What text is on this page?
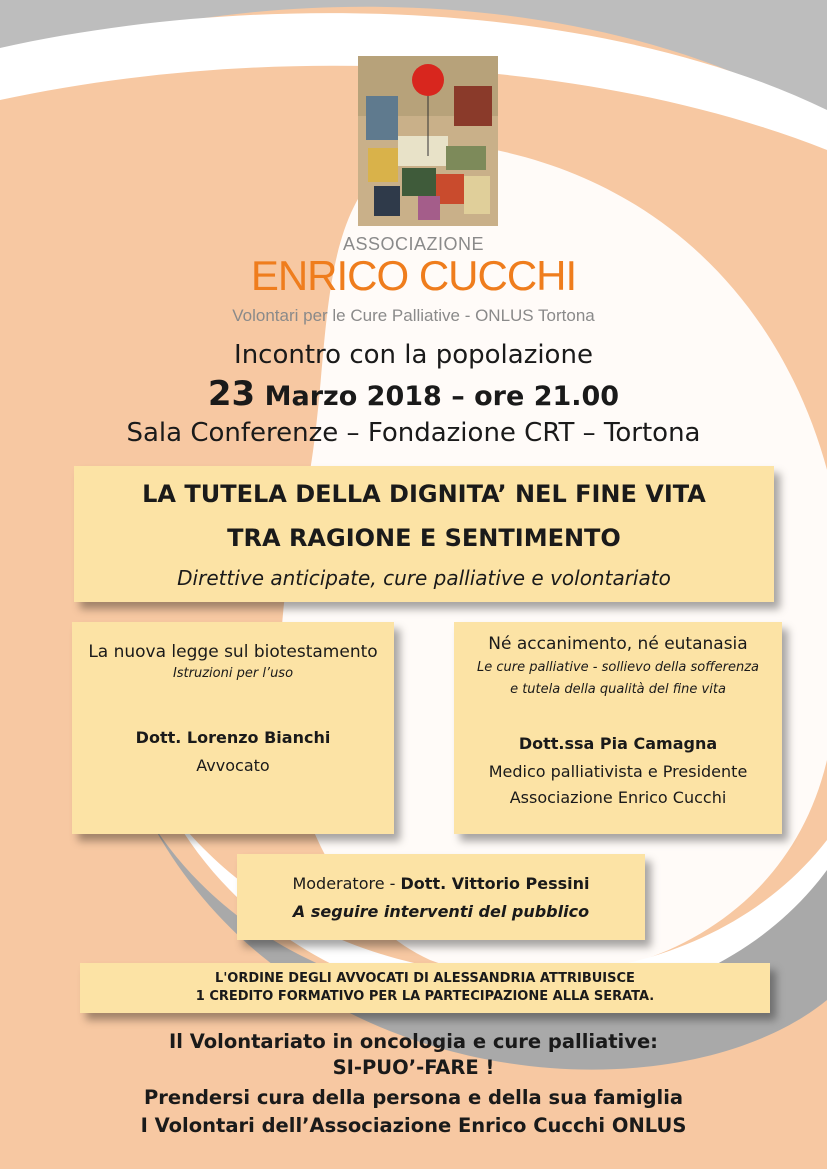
ASSOCIAZIONE
ENRICO CUCCHI
Volontari per le Cure Palliative - ONLUS Tortona
Incontro con la popolazione
23 Marzo 2018 – ore 21.00
Sala Conferenze – Fondazione CRT – Tortona
LA TUTELA DELLA DIGNITA’ NEL FINE VITA
TRA RAGIONE E SENTIMENTO
Direttive anticipate, cure palliative e volontariato
La nuova legge sul biotestamento
Istruzioni per l’uso
Dott. Lorenzo Bianchi
Avvocato
Né accanimento, né eutanasia
Le cure palliative - sollievo della sofferenza
e tutela della qualità del fine vita
Dott.ssa Pia Camagna
Medico palliativista e Presidente
Associazione Enrico Cucchi
Moderatore - Dott. Vittorio Pessini
A seguire interventi del pubblico
L'ORDINE DEGLI AVVOCATI DI ALESSANDRIA ATTRIBUISCE
1 CREDITO FORMATIVO PER LA PARTECIPAZIONE ALLA SERATA.
Il Volontariato in oncologia e cure palliative:
SI-PUO’-FARE !
Prendersi cura della persona e della sua famiglia
I Volontari dell’Associazione Enrico Cucchi ONLUS
